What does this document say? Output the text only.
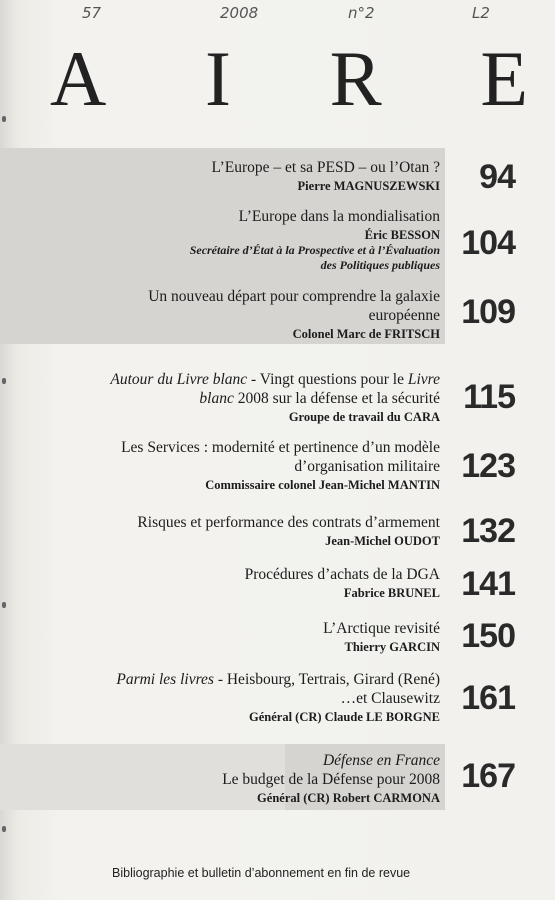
57	2008	n°2	L2
A I R E
L’Europe – et sa PESD – ou l’Otan ?
Pierre MAGNUSZEWSKI 94
L’Europe dans la mondialisation
Éric BESSON
Secrétaire d’État à la Prospective et à l’Évaluation
des Politiques publiques
104
Un nouveau départ pour comprendre la galaxie
européenne
Colonel Marc de FRITSCH
109
Autour du Livre blanc - Vingt questions pour le Livre
blanc 2008 sur la défense et la sécurité
Groupe de travail du CARA
115
Les Services : modernité et pertinence d’un modèle
d’organisation militaire
Commissaire colonel Jean-Michel MANTIN 123
Risques et performance des contrats d’armement
Jean-Michel OUDOT 132
Procédures d’achats de la DGA
Fabrice BRUNEL 141
L’Arctique revisité
Thierry GARCIN 150
Parmi les livres - Heisbourg, Tertrais, Girard (René)
…et Clausewitz
Général (CR) Claude LE BORGNE 161
Défense en France
Le budget de la Défense pour 2008
Général (CR) Robert CARMONA
167
Bibliographie et bulletin d’abonnement en fin de revue
